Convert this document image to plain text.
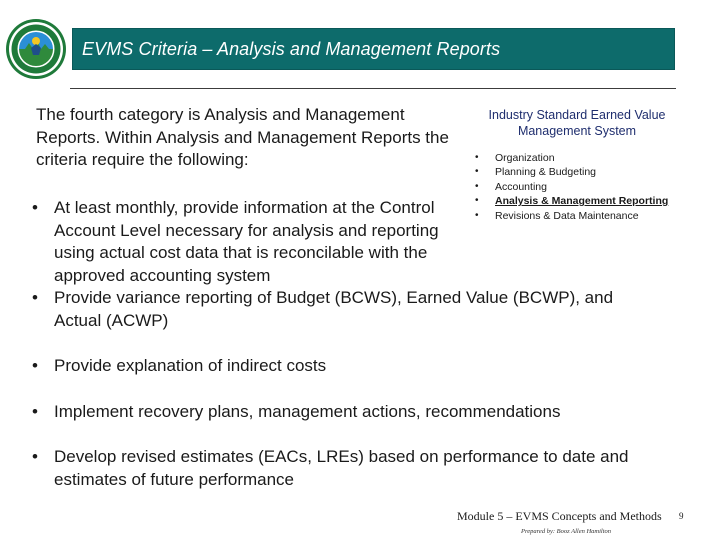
EVMS Criteria – Analysis and Management Reports
The fourth category is Analysis and Management Reports. Within Analysis and Management Reports the criteria require the following:
Industry Standard Earned Value
Management System
• Organization
• Planning & Budgeting
• Accounting
• Analysis & Management Reporting
• Revisions & Data Maintenance
• At least monthly, provide information at the Control Account Level necessary for analysis and reporting using actual cost data that is reconcilable with the approved accounting system
• Provide variance reporting of Budget (BCWS), Earned Value (BCWP), and Actual (ACWP)
• Provide explanation of indirect costs
• Implement recovery plans, management actions, recommendations
• Develop revised estimates (EACs, LREs) based on performance to date and estimates of future performance
Module 5 – EVMS Concepts and Methods
Prepared by: Booz Allen Hamilton
9
